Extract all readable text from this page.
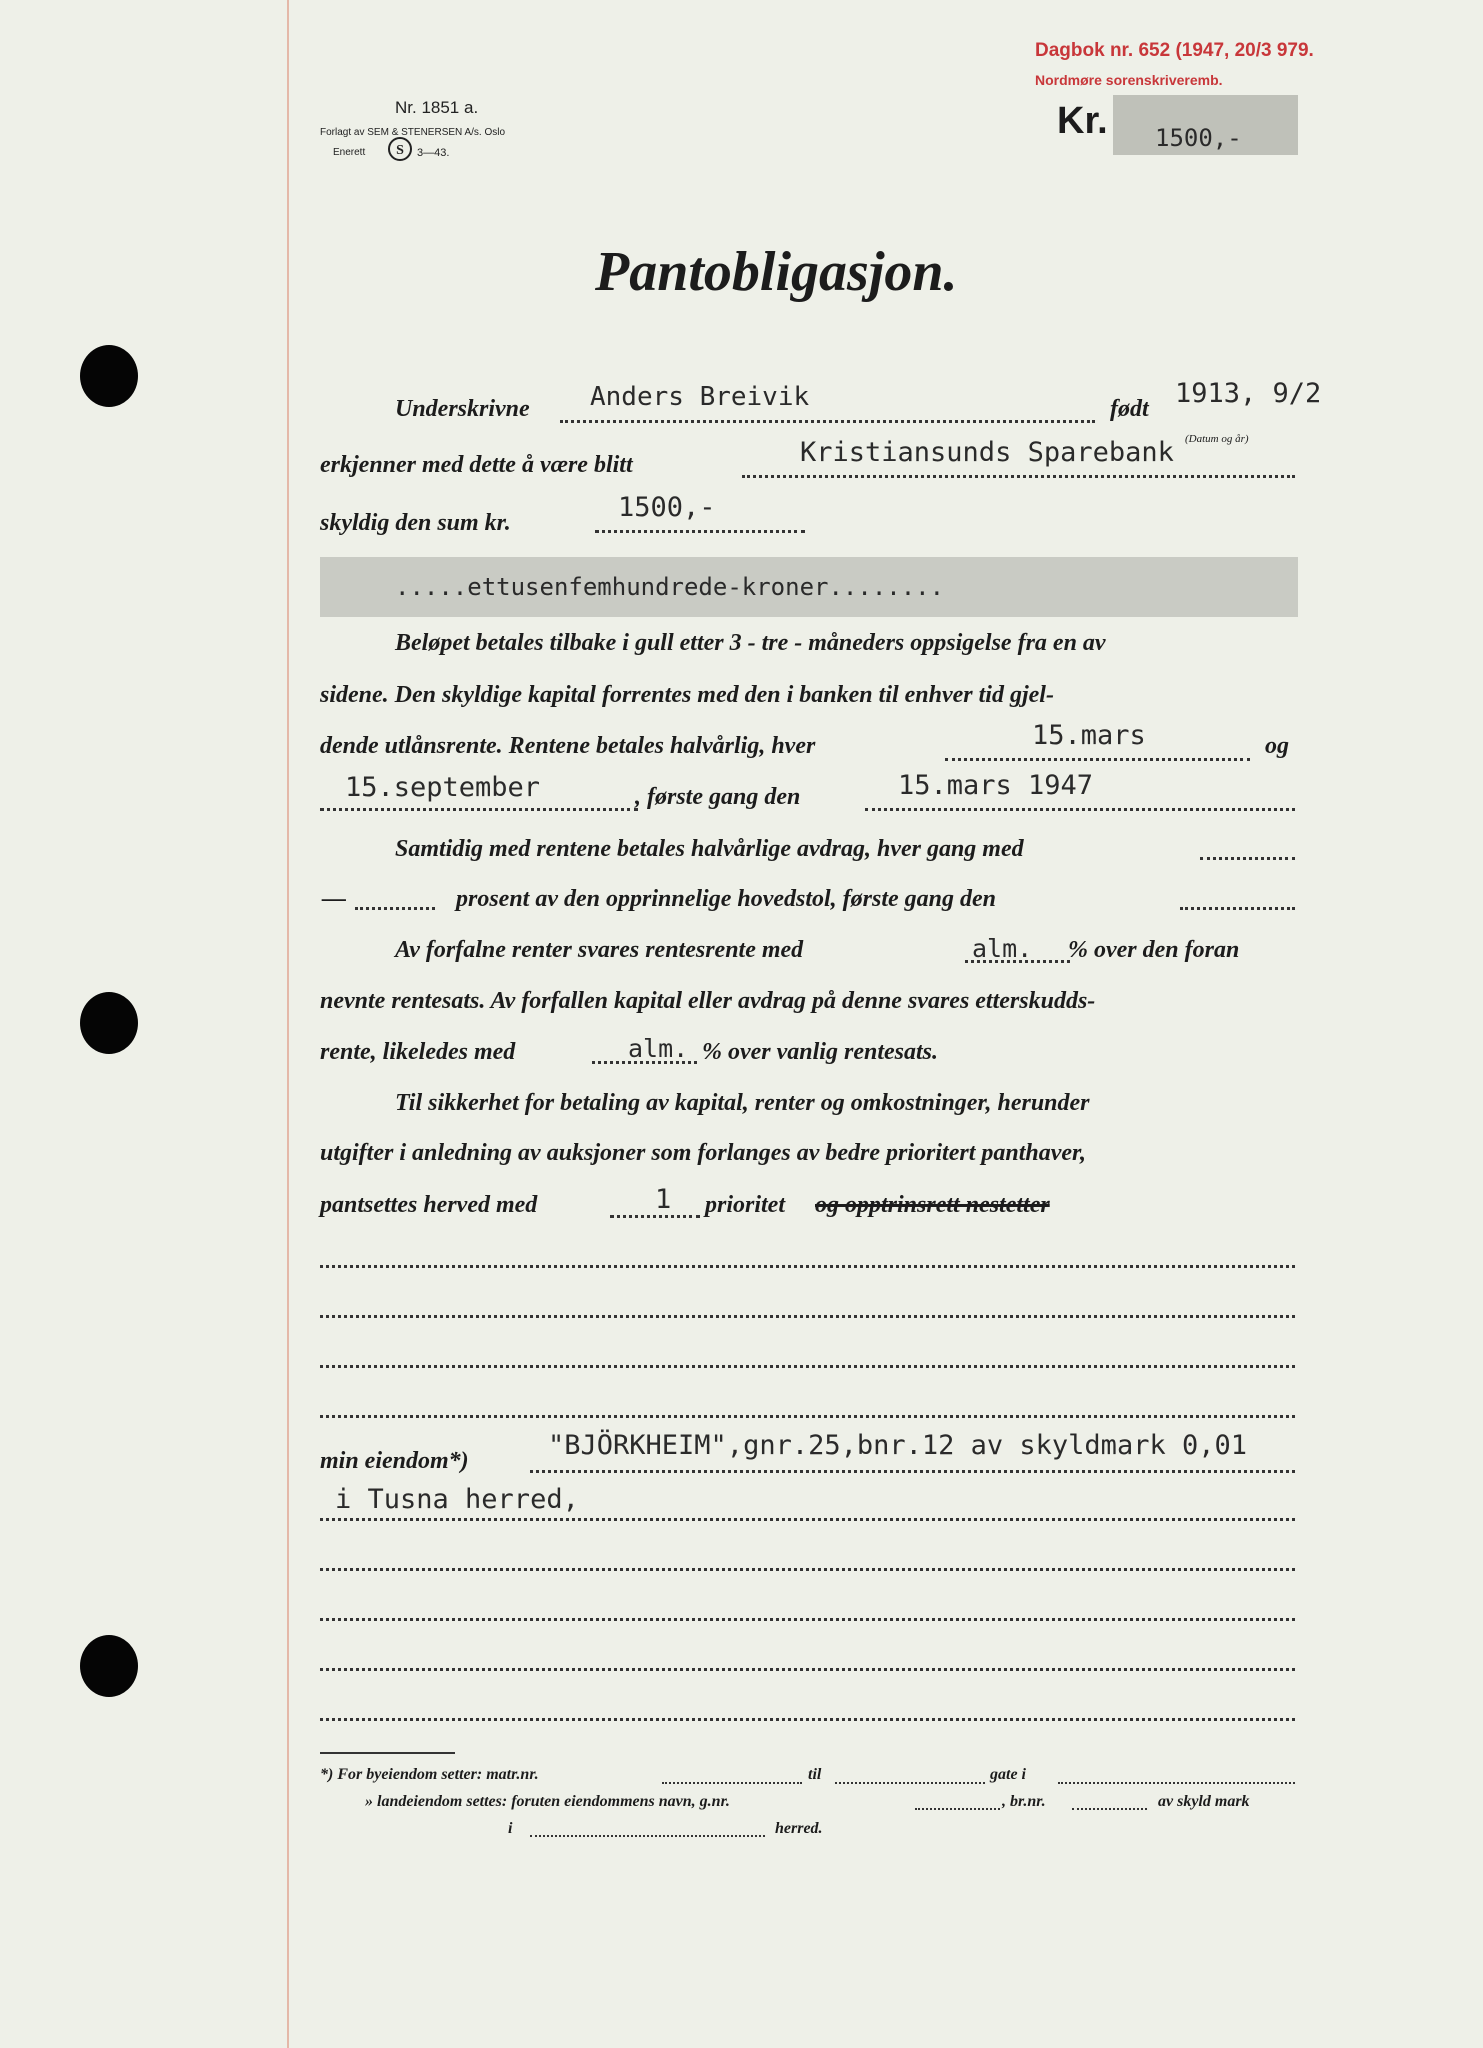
Dagbok nr. 652 (1947, 20/3 979.
Nordmøre sorenskriveremb.
Nr. 1851 a.
Forlagt av SEM & STENERSEN A/s. Oslo
Enerett S 3—43.
Kr. 1500,-
Pantobligasjon.
Underskrivne Anders Breivik	født 1913, 9/2
(Datum og år)
erkjenner med dette å være blitt	Kristiansunds Sparebank
skyldig den sum kr.	1500,-
.....ettusenfemhundrede-kroner........
Beløpet betales tilbake i gull etter 3 - tre - måneders oppsigelse fra en av
sidene. Den skyldige kapital forrentes med den i banken til enhver tid gjel-
dende utlånsrente. Rentene betales halvårlig, hver	15.mars	og
15.september	, første gang den	15.mars 1947
Samtidig med rentene betales halvårlige avdrag, hver gang med
—	prosent av den opprinnelige hovedstol, første gang den
Av forfalne renter svares rentesrente med	alm. % over den foran
nevnte rentesats. Av forfallen kapital eller avdrag på denne svares etterskudds-
rente, likeledes med	alm. % over vanlig rentesats.
Til sikkerhet for betaling av kapital, renter og omkostninger, herunder
utgifter i anledning av auksjoner som forlanges av bedre prioritert panthaver,
pantsettes herved med	1 prioritet og opptrinsrett nestetter
min eiendom*)	"BJÖRKHEIM",gnr.25,bnr.12 av skyldmark 0,01
i Tusna herred,
*) For byeiendom setter: matr.nr.	til	gate i
» landeiendom settes: foruten eiendommens navn, g.nr.	, br.nr.	av skyld mark
i	herred.
